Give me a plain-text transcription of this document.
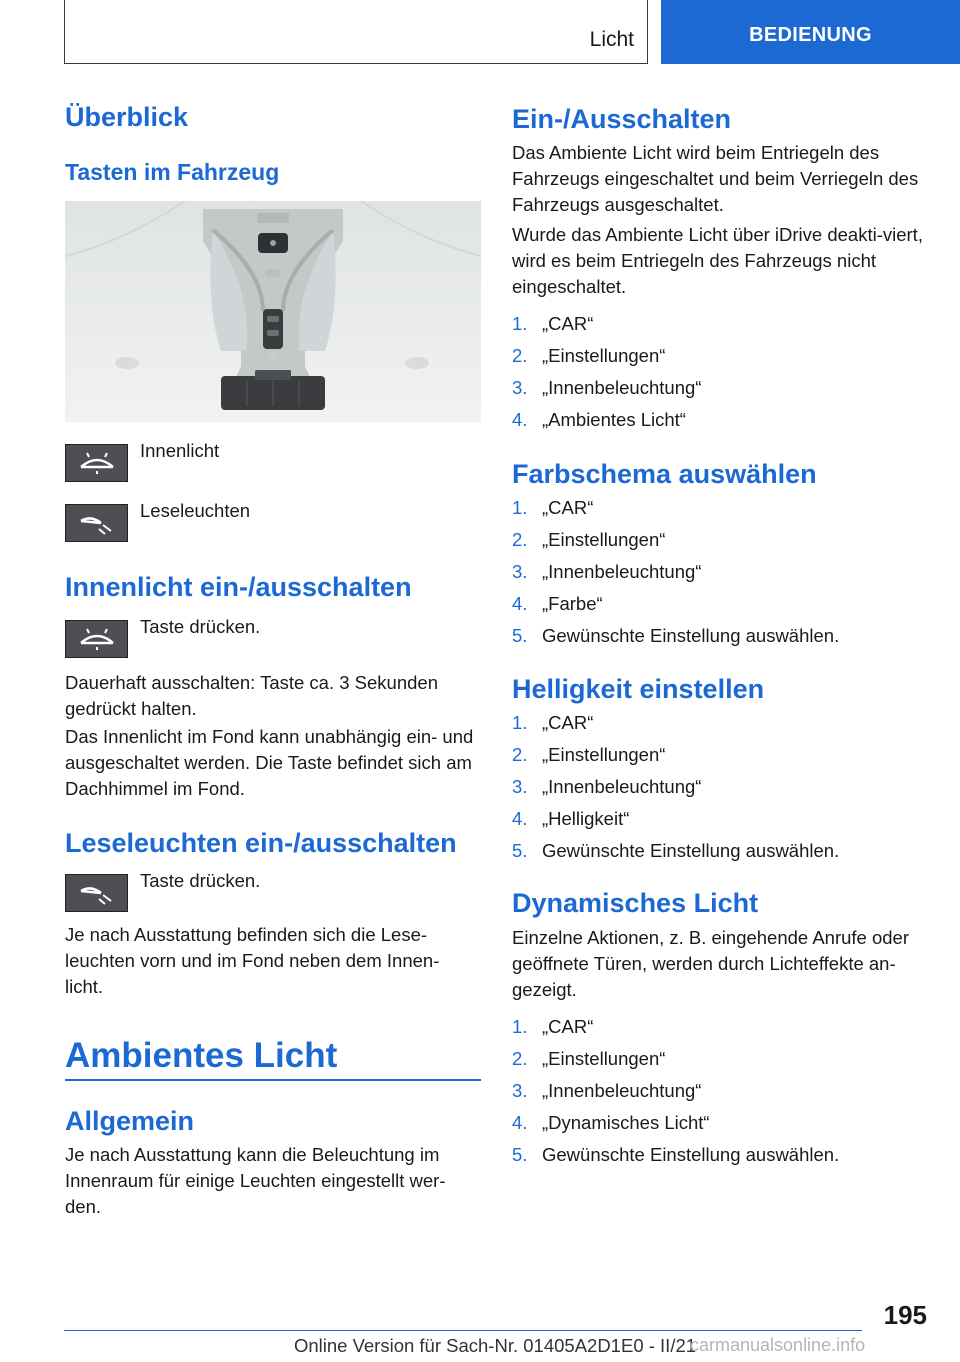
Licht	BEDIENUNG
Überblick
Tasten im Fahrzeug
Innenlicht
Leseleuchten
Innenlicht ein-/ausschalten
Taste drücken.

Dauerhaft ausschalten: Taste ca. 3 Sekunden gedrückt halten.

Das Innenlicht im Fond kann unabhängig ein- und ausgeschaltet werden. Die Taste befindet sich am Dachhimmel im Fond.

Leseleuchten ein-/ausschalten
Taste drücken.

Je nach Ausstattung befinden sich die Lese-leuchten vorn und im Fond neben dem Innen-licht.

Ambientes Licht
Allgemein

Je nach Ausstattung kann die Beleuchtung im Innenraum für einige Leuchten eingestellt wer-den.

Ein-/Ausschalten

Das Ambiente Licht wird beim Entriegeln des Fahrzeugs eingeschaltet und beim Verriegeln des Fahrzeugs ausgeschaltet.

Wurde das Ambiente Licht über iDrive deakti-viert, wird es beim Entriegeln des Fahrzeugs nicht eingeschaltet.

1. „CAR“
2. „Einstellungen“
3. „Innenbeleuchtung“
4. „Ambientes Licht“
Farbschema auswählen
1. „CAR“
2. „Einstellungen“
3. „Innenbeleuchtung“
4. „Farbe“
5. Gewünschte Einstellung auswählen.
Helligkeit einstellen
1. „CAR“
2. „Einstellungen“
3. „Innenbeleuchtung“
4. „Helligkeit“
5. Gewünschte Einstellung auswählen.
Dynamisches Licht

Einzelne Aktionen, z. B. eingehende Anrufe oder geöffnete Türen, werden durch Lichteffekte an-gezeigt.

1. „CAR“
2. „Einstellungen“
3. „Innenbeleuchtung“
4. „Dynamisches Licht“
5. Gewünschte Einstellung auswählen.
195
Online Version für Sach-Nr. 01405A2D1E0 - II/21
carmanualsonline.info
